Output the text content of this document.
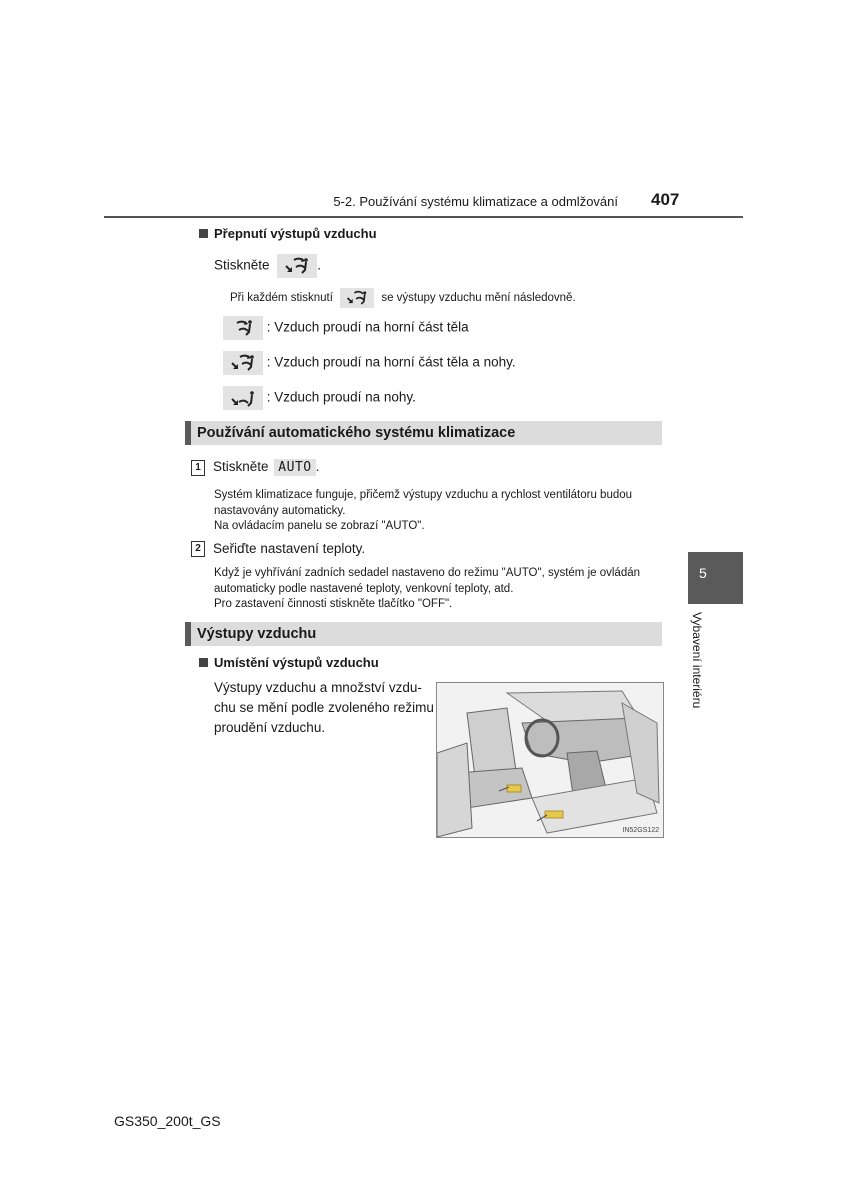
5-2. Používání systému klimatizace a odmlžování 407
Přepnutí výstupů vzduchu
Stiskněte	.
Při každém stisknutí	se výstupy vzduchu mění následovně.
: Vzduch proudí na horní část těla
: Vzduch proudí na horní část těla a nohy.
: Vzduch proudí na nohy.
Používání automatického systému klimatizace
1 Stiskněte AUTO .
Systém klimatizace funguje, přičemž výstupy vzduchu a rychlost ventilátoru budou
nastavovány automaticky.
Na ovládacím panelu se zobrazí "AUTO".
2 Seřiďte nastavení teploty.
Když je vyhřívání zadních sedadel nastaveno do režimu "AUTO", systém je ovládán
automaticky podle nastavené teploty, venkovní teploty, atd.
Pro zastavení činnosti stiskněte tlačítko "OFF".
Výstupy vzduchu
Umístění výstupů vzduchu
Výstupy vzduchu a množství vzdu-
chu se mění podle zvoleného režimu
proudění vzduchu.
IN52GS122
5
Vybavení interiéru
GS350_200t_GS
